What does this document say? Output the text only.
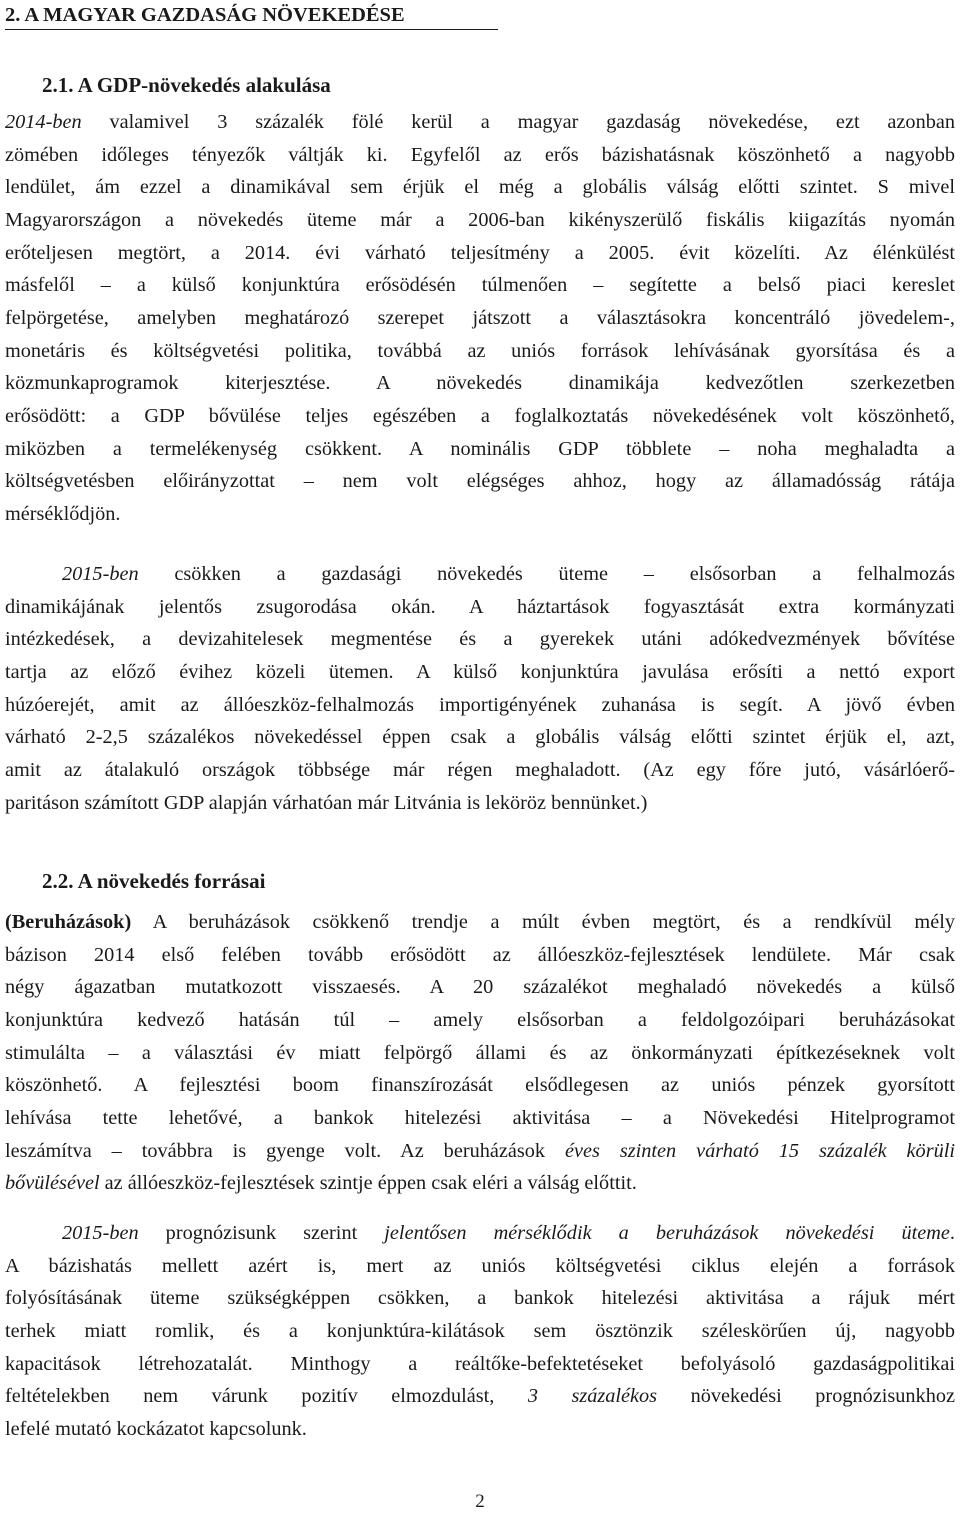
2. A MAGYAR GAZDASÁG NÖVEKEDÉSE
2.1. A GDP-növekedés alakulása
2014-ben valamivel 3 százalék fölé kerül a magyar gazdaság növekedése, ezt azonban
zömében időleges tényezők váltják ki. Egyfelől az erős bázishatásnak köszönhető a nagyobb
lendület, ám ezzel a dinamikával sem érjük el még a globális válság előtti szintet. S mivel
Magyarországon a növekedés üteme már a 2006-ban kikényszerülő fiskális kiigazítás nyomán
erőteljesen megtört, a 2014. évi várható teljesítmény a 2005. évit közelíti. Az élénkülést
másfelől – a külső konjunktúra erősödésén túlmenően – segítette a belső piaci kereslet
felpörgetése, amelyben meghatározó szerepet játszott a választásokra koncentráló jövedelem-,
monetáris és költségvetési politika, továbbá az uniós források lehívásának gyorsítása és a
közmunkaprogramok kiterjesztése. A növekedés dinamikája kedvezőtlen szerkezetben
erősödött: a GDP bővülése teljes egészében a foglalkoztatás növekedésének volt köszönhető,
miközben a termelékenység csökkent. A nominális GDP többlete – noha meghaladta a
költségvetésben előirányzottat – nem volt elégséges ahhoz, hogy az államadósság rátája
mérséklődjön.
2015-ben csökken a gazdasági növekedés üteme – elsősorban a felhalmozás
dinamikájának jelentős zsugorodása okán. A háztartások fogyasztását extra kormányzati
intézkedések, a devizahitelesek megmentése és a gyerekek utáni adókedvezmények bővítése
tartja az előző évihez közeli ütemen. A külső konjunktúra javulása erősíti a nettó export
húzóerejét, amit az állóeszköz-felhalmozás importigényének zuhanása is segít. A jövő évben
várható 2-2,5 százalékos növekedéssel éppen csak a globális válság előtti szintet érjük el, azt,
amit az átalakuló országok többsége már régen meghaladott. (Az egy főre jutó, vásárlóerő-
paritáson számított GDP alapján várhatóan már Litvánia is leköröz bennünket.)
2.2. A növekedés forrásai
(Beruházások) A beruházások csökkenő trendje a múlt évben megtört, és a rendkívül mély
bázison 2014 első felében tovább erősödött az állóeszköz-fejlesztések lendülete. Már csak
négy ágazatban mutatkozott visszaesés. A 20 százalékot meghaladó növekedés a külső
konjunktúra kedvező hatásán túl – amely elsősorban a feldolgozóipari beruházásokat
stimulálta – a választási év miatt felpörgő állami és az önkormányzati építkezéseknek volt
köszönhető. A fejlesztési boom finanszírozását elsődlegesen az uniós pénzek gyorsított
lehívása tette lehetővé, a bankok hitelezési aktivitása – a Növekedési Hitelprogramot
leszámítva – továbbra is gyenge volt. Az beruházások éves szinten várható 15 százalék körüli
bővülésével az állóeszköz-fejlesztések szintje éppen csak eléri a válság előttit.
2015-ben prognózisunk szerint jelentősen mérséklődik a beruházások növekedési üteme.
A bázishatás mellett azért is, mert az uniós költségvetési ciklus elején a források
folyósításának üteme szükségképpen csökken, a bankok hitelezési aktivitása a rájuk mért
terhek miatt romlik, és a konjunktúra-kilátások sem ösztönzik széleskörűen új, nagyobb
kapacitások létrehozatalát. Minthogy a reáltőke-befektetéseket befolyásoló gazdaságpolitikai
feltételekben nem várunk pozitív elmozdulást, 3 százalékos növekedési prognózisunkhoz
lefelé mutató kockázatot kapcsolunk.
2
